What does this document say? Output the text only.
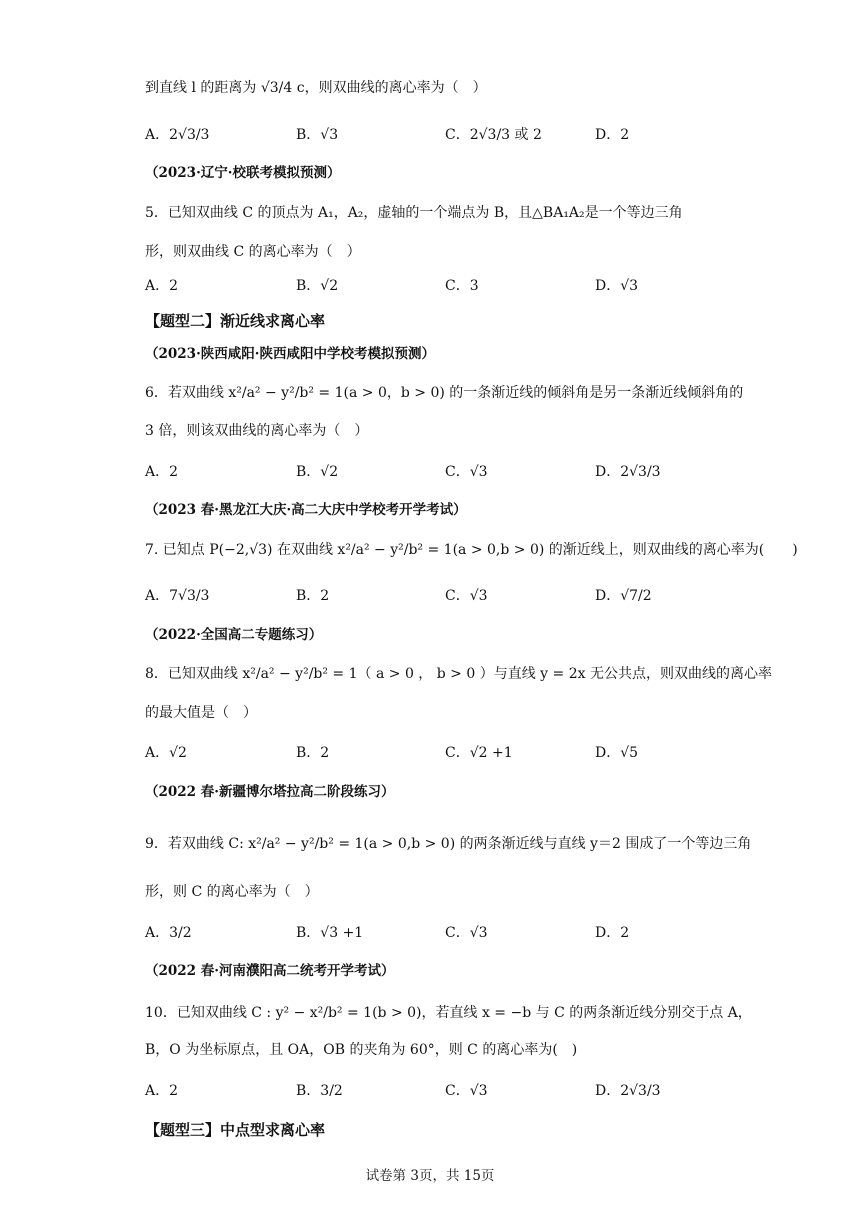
到直线 l 的距离为 √3/4 c，则双曲线的离心率为（　）
A．2√3/3	B．√3	C．2√3/3 或 2	D．2
（2023·辽宁·校联考模拟预测）
5．已知双曲线 C 的顶点为 A₁，A₂，虚轴的一个端点为 B，且△BA₁A₂是一个等边三角
形，则双曲线 C 的离心率为（　）
A．2	B．√2	C．3	D．√3
【题型二】渐近线求离心率
（2023·陕西咸阳·陕西咸阳中学校考模拟预测）
6．若双曲线 x²/a² − y²/b² = 1(a > 0，b > 0) 的一条渐近线的倾斜角是另一条渐近线倾斜角的
3 倍，则该双曲线的离心率为（　）
A．2	B．√2	C．√3	D．2√3/3
（2023 春·黑龙江大庆·高二大庆中学校考开学考试）
7. 已知点 P(−2,√3) 在双曲线 x²/a² − y²/b² = 1(a > 0,b > 0) 的渐近线上，则双曲线的离心率为(　　)
A．7√3/3	B．2	C．√3	D．√7/2
（2022·全国高二专题练习）
8．已知双曲线 x²/a² − y²/b² = 1（ a > 0 ， b > 0 ）与直线 y = 2x 无公共点，则双曲线的离心率
的最大值是（　）
A．√2	B．2	C．√2 +1	D．√5
（2022 春·新疆博尔塔拉高二阶段练习）
9．若双曲线 C: x²/a² − y²/b² = 1(a > 0,b > 0) 的两条渐近线与直线 y＝2 围成了一个等边三角
形，则 C 的离心率为（　）
A．3/2	B．√3 +1	C．√3	D．2
（2022 春·河南濮阳高二统考开学考试）
10．已知双曲线 C : y² − x²/b² = 1(b > 0)，若直线 x = −b 与 C 的两条渐近线分别交于点 A，
B，O 为坐标原点，且 OA，OB 的夹角为 60°，则 C 的离心率为(　)
A．2	B．3/2	C．√3	D．2√3/3
【题型三】中点型求离心率
试卷第 3页，共 15页
